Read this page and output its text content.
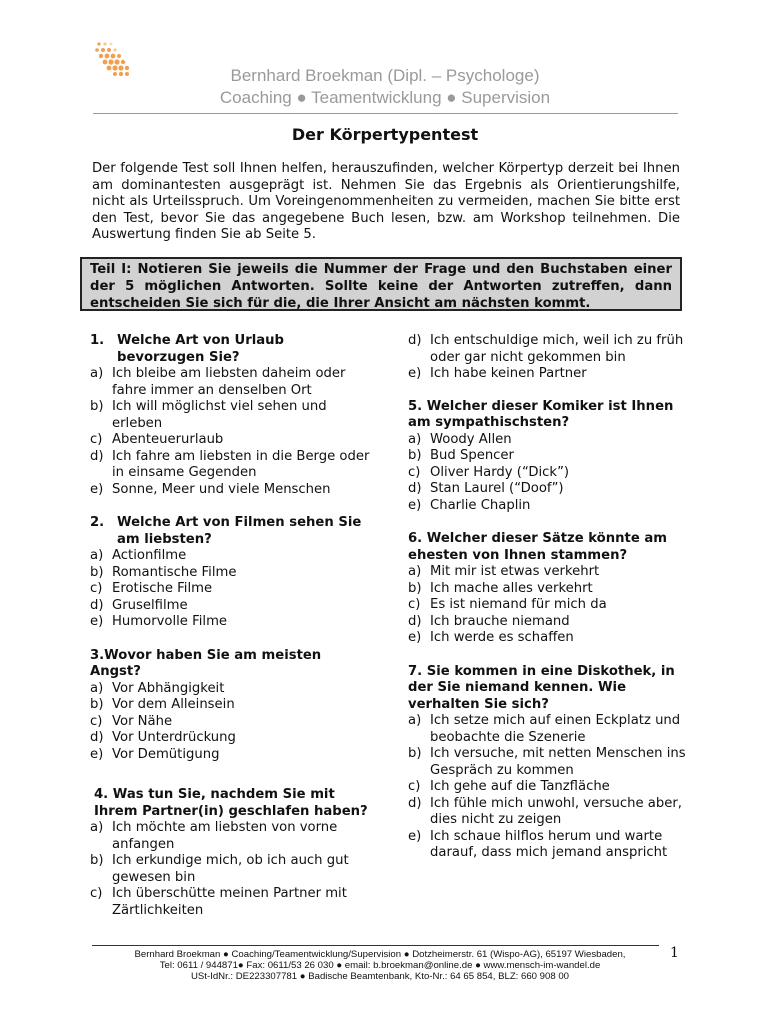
Bernhard Broekman (Dipl. – Psychologe)
Coaching ● Teamentwicklung ● Supervision
Der Körpertypentest
Der folgende Test soll Ihnen helfen, herauszufinden, welcher Körpertyp derzeit bei Ihnen am dominantesten ausgeprägt ist. Nehmen Sie das Ergebnis als Orientierungshilfe, nicht als Urteilsspruch. Um Voreingenommenheiten zu vermeiden, machen Sie bitte erst den Test, bevor Sie das angegebene Buch lesen, bzw. am Workshop teilnehmen. Die Auswertung finden Sie ab Seite 5.
Teil I: Notieren Sie jeweils die Nummer der Frage und den Buchstaben einer der 5 möglichen Antworten. Sollte keine der Antworten zutreffen, dann entscheiden Sie sich für die, die Ihrer Ansicht am nächsten kommt.
1. Welche Art von Urlaub bevorzugen Sie?
a) Ich bleibe am liebsten daheim oder fahre immer an denselben Ort
b) Ich will möglichst viel sehen und erleben
c) Abenteuerurlaub
d) Ich fahre am liebsten in die Berge oder in einsame Gegenden
e) Sonne, Meer und viele Menschen
2. Welche Art von Filmen sehen Sie am liebsten?
a) Actionfilme
b) Romantische Filme
c) Erotische Filme
d) Gruselfilme
e) Humorvolle Filme
3.Wovor haben Sie am meisten Angst?
a) Vor Abhängigkeit
b) Vor dem Alleinsein
c) Vor Nähe
d) Vor Unterdrückung
e) Vor Demütigung
4. Was tun Sie, nachdem Sie mit Ihrem Partner(in) geschlafen haben?
a) Ich möchte am liebsten von vorne anfangen
b) Ich erkundige mich, ob ich auch gut gewesen bin
c) Ich überschütte meinen Partner mit Zärtlichkeiten
d) Ich entschuldige mich, weil ich zu früh oder gar nicht gekommen bin
e) Ich habe keinen Partner
5. Welcher dieser Komiker ist Ihnen am sympathischsten?
a) Woody Allen
b) Bud Spencer
c) Oliver Hardy (“Dick”)
d) Stan Laurel (“Doof”)
e) Charlie Chaplin
6. Welcher dieser Sätze könnte am ehesten von Ihnen stammen?
a) Mit mir ist etwas verkehrt
b) Ich mache alles verkehrt
c) Es ist niemand für mich da
d) Ich brauche niemand
e) Ich werde es schaffen
7. Sie kommen in eine Diskothek, in der Sie niemand kennen. Wie verhalten Sie sich?
a) Ich setze mich auf einen Eckplatz und beobachte die Szenerie
b) Ich versuche, mit netten Menschen ins Gespräch zu kommen
c) Ich gehe auf die Tanzfläche
d) Ich fühle mich unwohl, versuche aber, dies nicht zu zeigen
e) Ich schaue hilflos herum und warte darauf, dass mich jemand anspricht
1
Bernhard Broekman ● Coaching/Teamentwicklung/Supervision ● Dotzheimerstr. 61 (Wispo-AG), 65197 Wiesbaden,
Tel: 0611 / 944871● Fax: 0611/53 26 030 ● email: b.broekman@online.de ● www.mensch-im-wandel.de
USt-IdNr.: DE223307781 ● Badische Beamtenbank, Kto-Nr.: 64 65 854, BLZ: 660 908 00
